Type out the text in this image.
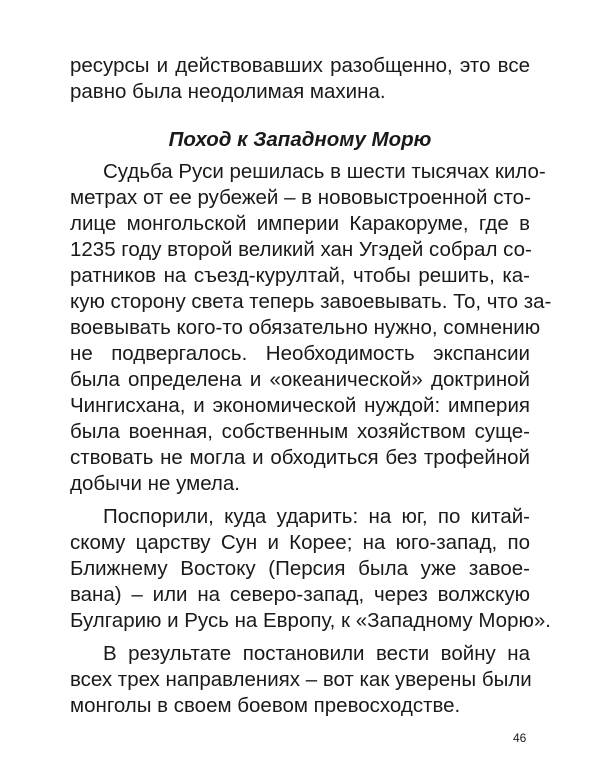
ресурсы и действовавших разобщенно, это все
равно была неодолимая махина.
Поход к Западному Морю
Судьба Руси решилась в шести тысячах кило-
метрах от ее рубежей – в нововыстроенной сто-
лице монгольской империи Каракоруме, где в
1235 году второй великий хан Угэдей собрал со-
ратников на съезд-курултай, чтобы решить, ка-
кую сторону света теперь завоевывать. То, что за-
воевывать кого-то обязательно нужно, сомнению
не подвергалось. Необходимость экспансии
была определена и «океанической» доктриной
Чингисхана, и экономической нуждой: империя
была военная, собственным хозяйством суще-
ствовать не могла и обходиться без трофейной
добычи не умела.
Поспорили, куда ударить: на юг, по китай-
скому царству Сун и Корее; на юго-запад, по
Ближнему Востоку (Персия была уже завое-
вана) – или на северо-запад, через волжскую
Булгарию и Русь на Европу, к «Западному Морю».
В результате постановили вести войну на
всех трех направлениях – вот как уверены были
монголы в своем боевом превосходстве.
46
